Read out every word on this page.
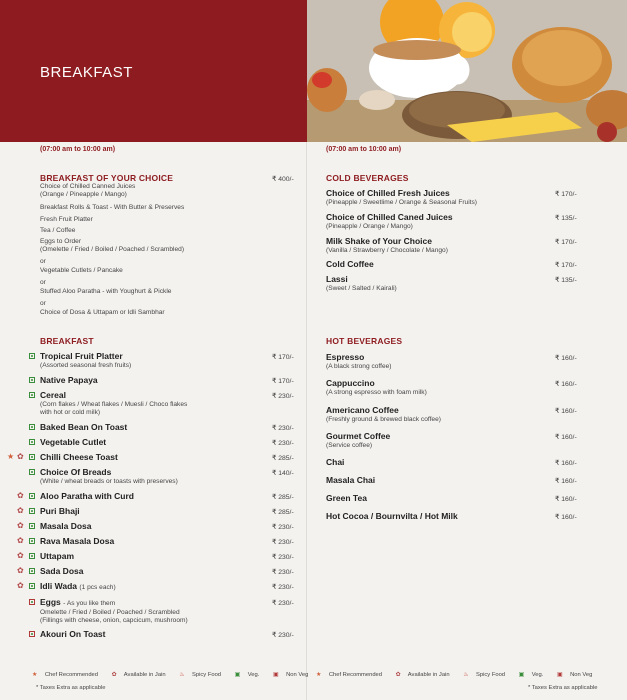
BREAKFAST
(07:00 am to 10:00 am)
BREAKFAST OF YOUR CHOICE	₹ 400/-
Choice of Chilled Canned Juices
(Orange / Pineapple / Mango)
Breakfast Rolls & Toast - With Butter & Preserves
Fresh Fruit Platter
Tea / Coffee
Eggs to Order
(Omelette / Fried / Boiled / Poached / Scrambled)
or
Vegetable Cutlets / Pancake
or
Stuffed Aloo Paratha - with Youghurt & Pickle
or
Choice of Dosa & Uttapam or Idli Sambhar
BREAKFAST
Tropical Fruit Platter
(Assorted seasonal fresh fruits)
₹ 170/-
Native Papaya	₹ 170/-
Cereal
(Corn flakes / Wheat flakes / Muesli / Choco flakes
with hot or cold milk)
₹ 230/-
Baked Bean On Toast	₹ 230/-
Vegetable Cutlet	₹ 230/-
★ ✿ Chilli Cheese Toast	₹ 285/-
Choice Of Breads
(White / wheat breads or toasts with preserves)
₹ 140/-
✿ Aloo Paratha with Curd	₹ 285/-
✿ Puri Bhaji	₹ 285/-
✿ Masala Dosa	₹ 230/-
✿ Rava Masala Dosa	₹ 230/-
✿ Uttapam	₹ 230/-
✿ Sada Dosa	₹ 230/-
✿ Idli Wada (1 pcs each)	₹ 230/-
Eggs - As you like them
Omelette / Fried / Boiled / Poached / Scrambled
(Fillings with cheese, onion, capcicum, mushroom)
₹ 230/-
Akouri On Toast	₹ 230/-
(07:00 am to 10:00 am)
COLD BEVERAGES
Choice of Chilled Fresh Juices
(Pineapple / Sweetlime / Orange & Seasonal Fruits)
₹ 170/-
Choice of Chilled Caned Juices
(Pineapple / Orange / Mango)
₹ 135/-
Milk Shake of Your Choice
(Vanilla / Strawberry / Chocolate / Mango)
₹ 170/-
Cold Coffee	₹ 170/-
Lassi
(Sweet / Salted / Kairali)
₹ 135/-
HOT BEVERAGES
Espresso
(A black strong coffee)
₹ 160/-
Cappuccino
(A strong espresso with foam milk)
₹ 160/-
Americano Coffee
(Freshly ground & brewed black coffee)
₹ 160/-
Gourmet Coffee
(Service coffee)
₹ 160/-
Chai	₹ 160/-
Masala Chai	₹ 160/-
Green Tea	₹ 160/-
Hot Cocoa / Bournvilta / Hot Milk	₹ 160/-
★ Chef Recommended ✿ Available in Jain ♨ Spicy Food ▣ Veg. ▣ Non Veg
* Taxes Extra as applicable
★ Chef Recommended ✿ Available in Jain ♨ Spicy Food ▣ Veg. ▣ Non Veg
* Taxes Extra as applicable
